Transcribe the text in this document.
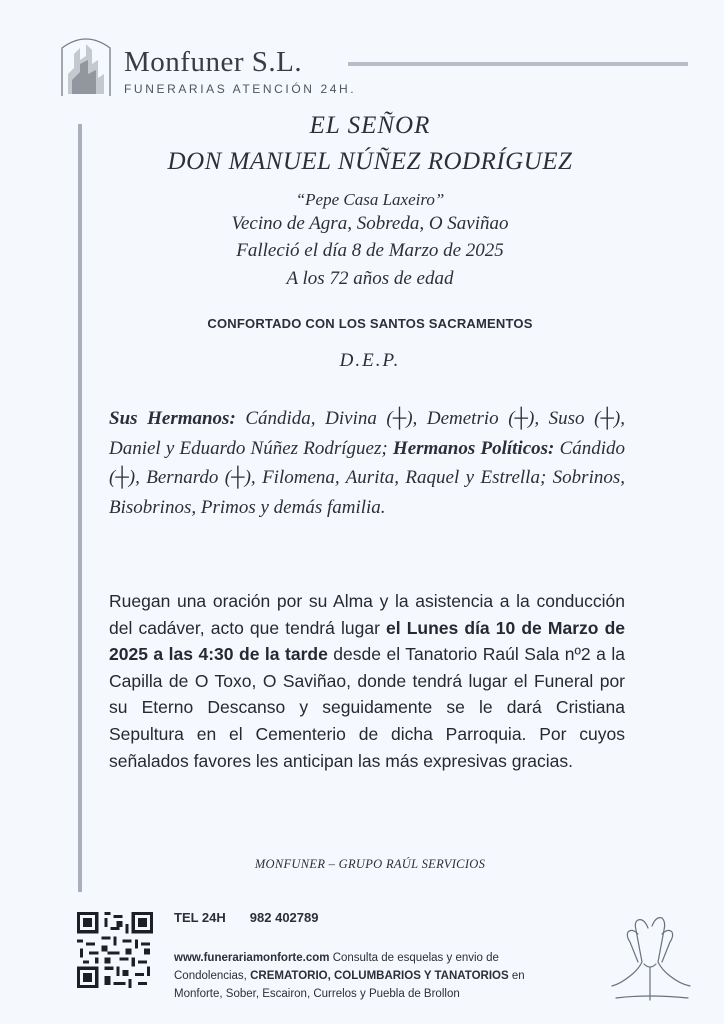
Monfuner S.L.
FUNERARIAS ATENCIÓN 24H.
EL SEÑOR
DON MANUEL NÚÑEZ RODRÍGUEZ
“Pepe Casa Laxeiro”
Vecino de Agra, Sobreda, O Saviñao
Falleció el día 8 de Marzo de 2025
A los 72 años de edad
CONFORTADO CON LOS SANTOS SACRAMENTOS
D.E.P.
Sus Hermanos: Cándida, Divina (┼), Demetrio (┼), Suso (┼), Daniel y Eduardo Núñez Rodríguez; Hermanos Políticos: Cándido (┼), Bernardo (┼), Filomena, Aurita, Raquel y Estrella; Sobrinos, Bisobrinos, Primos y demás familia.
Ruegan una oración por su Alma y la asistencia a la conducción del cadáver, acto que tendrá lugar el Lunes día 10 de Marzo de 2025 a las 4:30 de la tarde desde el Tanatorio Raúl Sala nº2 a la Capilla de O Toxo, O Saviñao, donde tendrá lugar el Funeral por su Eterno Descanso y seguidamente se le dará Cristiana Sepultura en el Cementerio de dicha Parroquia. Por cuyos señalados favores les anticipan las más expresivas gracias.
MONFUNER – GRUPO RAÚL SERVICIOS
TEL 24H 982 402789
www.funerariamonforte.com Consulta de esquelas y envio de
Condolencias, CREMATORIO, COLUMBARIOS Y TANATORIOS en
Monforte, Sober, Escairon, Currelos y Puebla de Brollon
